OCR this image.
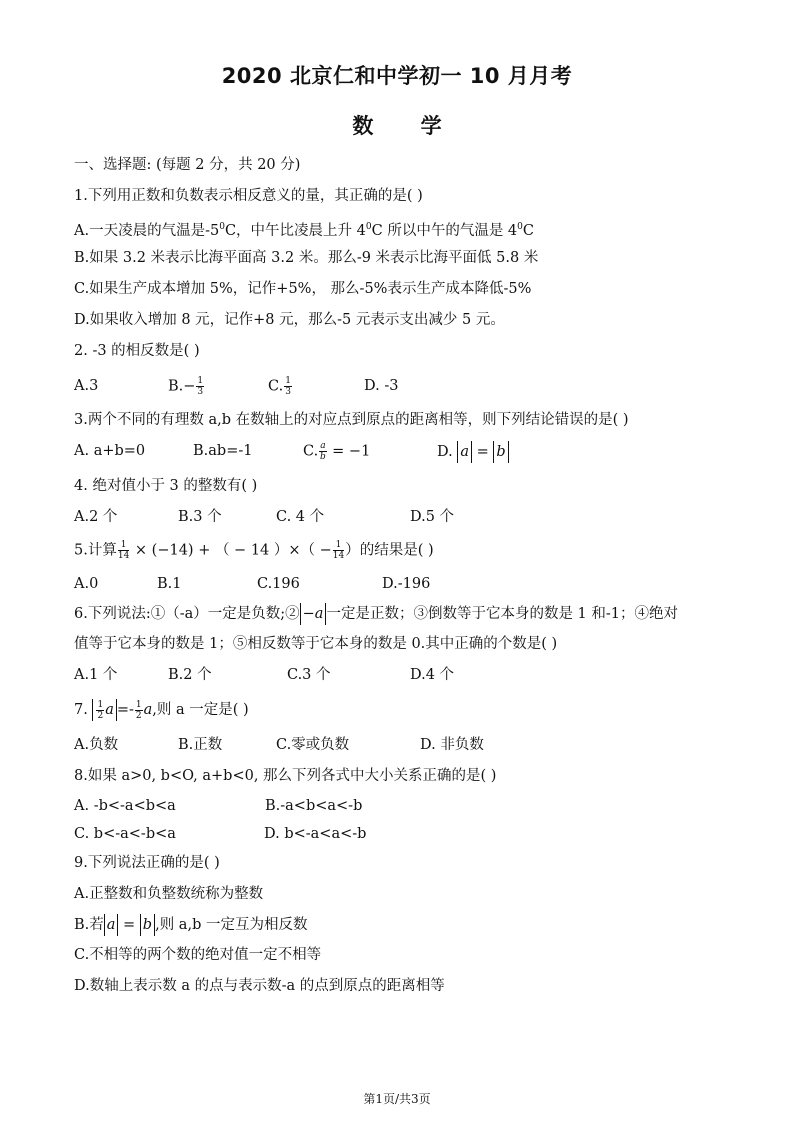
2020 北京仁和中学初一 10 月月考
数 学
一、选择题: (每题 2 分，共 20 分)
1.下列用正数和负数表示相反意义的量，其正确的是( )
A.一天凌晨的气温是$-5^0C$，中午比凌晨上升 $4^0C$ 所以中午的气温是 $4^0C$
B.如果 3.2 米表示比海平面高 3.2 米。那么-9 米表示比海平面低 5.8 米
C.如果生产成本增加 5%，记作+5%， 那么-5%表示生产成本降低-5%
D.如果收入增加 8 元，记作+8 元，那么-5 元表示支出减少 5 元。
2. -3 的相反数是( )
A.3	$B.- \frac{1}{3}$	C. $\frac{1}{3}$	D. -3
3.两个不同的有理数 a,b 在数轴上的对应点到原点的距离相等，则下列结论错误的是( )
A. a+b=0	B.ab=-1	C. $\frac{a}{b} = -1$	D. a = b
4. 绝对值小于 3 的整数有( )
A.2 个	B.3 个	C. 4 个	D.5 个
5.计算 $\frac{1}{14} \times (-14)$ + （ − 14 ）×（ − $\frac{1}{14}$ ）的结果是( )
A.0	B.1	C.196	D.-196
6.下列说法:①（-a）一定是负数;② −a 一定是正数；③倒数等于它本身的数是 1 和-1；④绝对
值等于它本身的数是 1；⑤相反数等于它本身的数是 0.其中正确的个数是( )
A.1 个	B.2 个	C.3 个	D.4 个
7. $\frac{1}{2}$ $a =- \frac{1}{2} a$,则 a 一定是( )
A.负数	B.正数	C.零或负数	D. 非负数
8.如果 a>0, b<O, a+b<0, 那么下列各式中大小关系正确的是( )
A. -b<-a<b<a	B.-a<b<a<-b
C. b<-a<-b<a	D. b<-a<a<-b
9.下列说法正确的是( )
A.正整数和负整数统称为整数
B.若 a = b ,则 a,b 一定互为相反数
C.不相等的两个数的绝对值一定不相等
D.数轴上表示数 a 的点与表示数-a 的点到原点的距离相等
第1页/共3页
